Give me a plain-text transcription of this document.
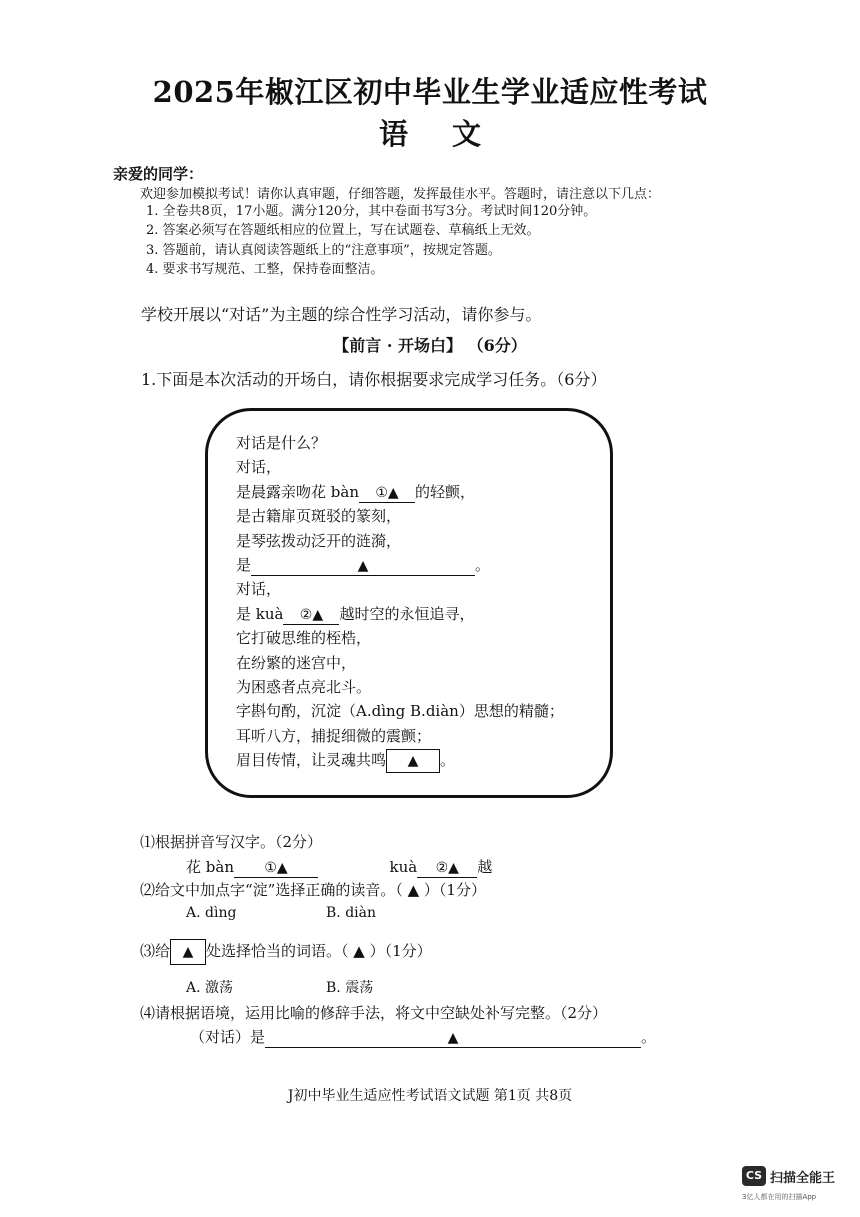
2025年椒江区初中毕业生学业适应性考试
语文
亲爱的同学：
欢迎参加模拟考试！请你认真审题，仔细答题，发挥最佳水平。答题时，请注意以下几点：
1. 全卷共8页，17小题。满分120分，其中卷面书写3分。考试时间120分钟。
2. 答案必须写在答题纸相应的位置上，写在试题卷、草稿纸上无效。
3. 答题前，请认真阅读答题纸上的“注意事项”，按规定答题。
4. 要求书写规范、工整，保持卷面整洁。
学校开展以“对话”为主题的综合性学习活动，请你参与。
【前言 · 开场白】 （6分）
1.下面是本次活动的开场白，请你根据要求完成学习任务。（6分）
对话是什么？
对话，
是晨露亲吻花 bàn ①▲ 的轻颤，
是古籍扉页斑驳的篆刻，
是琴弦拨动泛开的涟漪，
是	▲	。
对话，
是 kuà ②▲ 越时空的永恒追寻，
它打破思维的桎梏，
在纷繁的迷宫中，
为困惑者点亮北斗。
字斟句酌，沉淀（A.dìng B.diàn）思想的精髓；
耳听八方，捕捉细微的震颤；
眉目传情，让灵魂共鸣 ▲ 。
⑴根据拼音写汉字。（2分）
花 bàn ①▲	kuà ②▲ 越
⑵给文中加点字“淀”选择正确的读音。（ ▲ ）（1分）
A. dìng	B. diàn
⑶给 ▲ 处选择恰当的词语。（ ▲ ）（1分）
A. 激荡	B. 震荡
⑷请根据语境，运用比喻的修辞手法，将文中空缺处补写完整。（2分）
（对话）是	▲	。
J初中毕业生适应性考试语文试题 第1页 共8页
CS 扫描全能王
3亿人都在用的扫描App
